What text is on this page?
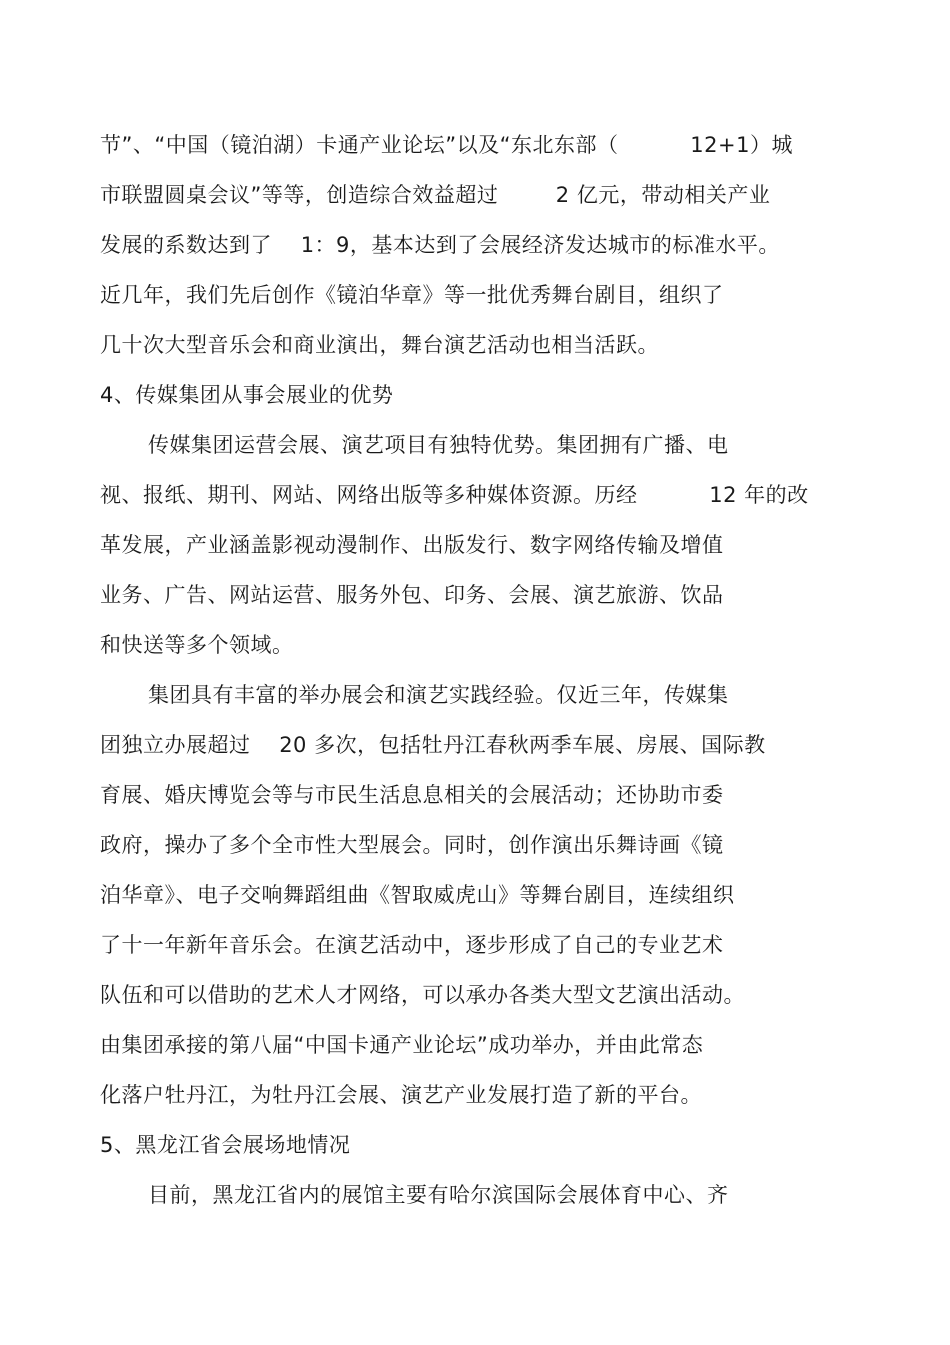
节”、“中国（镜泊湖）卡通产业论坛”以及“东北东部（          12+1）城
市联盟圆桌会议”等等，创造综合效益超过        2 亿元，带动相关产业
发展的系数达到了    1：9，基本达到了会展经济发达城市的标准水平。
近几年，我们先后创作《镜泊华章》等一批优秀舞台剧目，组织了
几十次大型音乐会和商业演出，舞台演艺活动也相当活跃。
4、传媒集团从事会展业的优势
传媒集团运营会展、演艺项目有独特优势。集团拥有广播、电
视、报纸、期刊、网站、网络出版等多种媒体资源。历经          12 年的改
革发展，产业涵盖影视动漫制作、出版发行、数字网络传输及增值
业务、广告、网站运营、服务外包、印务、会展、演艺旅游、饮品
和快送等多个领域。
集团具有丰富的举办展会和演艺实践经验。仅近三年，传媒集
团独立办展超过    20 多次，包括牡丹江春秋两季车展、房展、国际教
育展、婚庆博览会等与市民生活息息相关的会展活动；还协助市委
政府，操办了多个全市性大型展会。同时，创作演出乐舞诗画《镜
泊华章》、电子交响舞蹈组曲《智取威虎山》等舞台剧目，连续组织
了十一年新年音乐会。在演艺活动中，逐步形成了自己的专业艺术
队伍和可以借助的艺术人才网络，可以承办各类大型文艺演出活动。
由集团承接的第八届“中国卡通产业论坛”成功举办，并由此常态
化落户牡丹江，为牡丹江会展、演艺产业发展打造了新的平台。
5、黑龙江省会展场地情况
目前，黑龙江省内的展馆主要有哈尔滨国际会展体育中心、齐
